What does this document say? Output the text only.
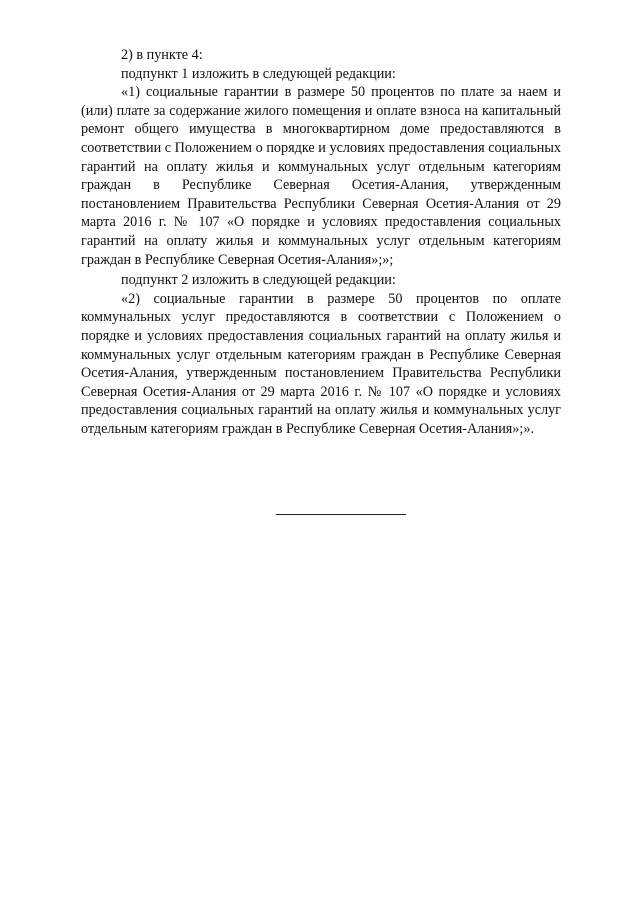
2) в пункте 4:

подпункт 1 изложить в следующей редакции:

«1) социальные гарантии в размере 50 процентов по плате за наем и (или) плате за содержание жилого помещения и оплате взноса на капитальный ремонт общего имущества в многоквартирном доме предоставляются в соответствии с Положением о порядке и условиях предоставления социальных гарантий на оплату жилья и коммунальных услуг отдельным категориям граждан в Республике Северная Осетия-Алания, утвержденным постановлением Правительства Республики Северная Осетия-Алания от 29 марта 2016 г. № 107 «О порядке и условиях предоставления социальных гарантий на оплату жилья и коммунальных услуг отдельным категориям граждан в Республике Северная Осетия-Алания»;»;

подпункт 2 изложить в следующей редакции:

«2) социальные гарантии в размере 50 процентов по оплате коммунальных услуг предоставляются в соответствии с Положением о порядке и условиях предоставления социальных гарантий на оплату жилья и коммунальных услуг отдельным категориям граждан в Республике Северная Осетия-Алания, утвержденным постановлением Правительства Республики Северная Осетия-Алания от 29 марта 2016 г. № 107 «О порядке и условиях предоставления социальных гарантий на оплату жилья и коммунальных услуг отдельным категориям граждан в Республике Северная Осетия-Алания»;».
